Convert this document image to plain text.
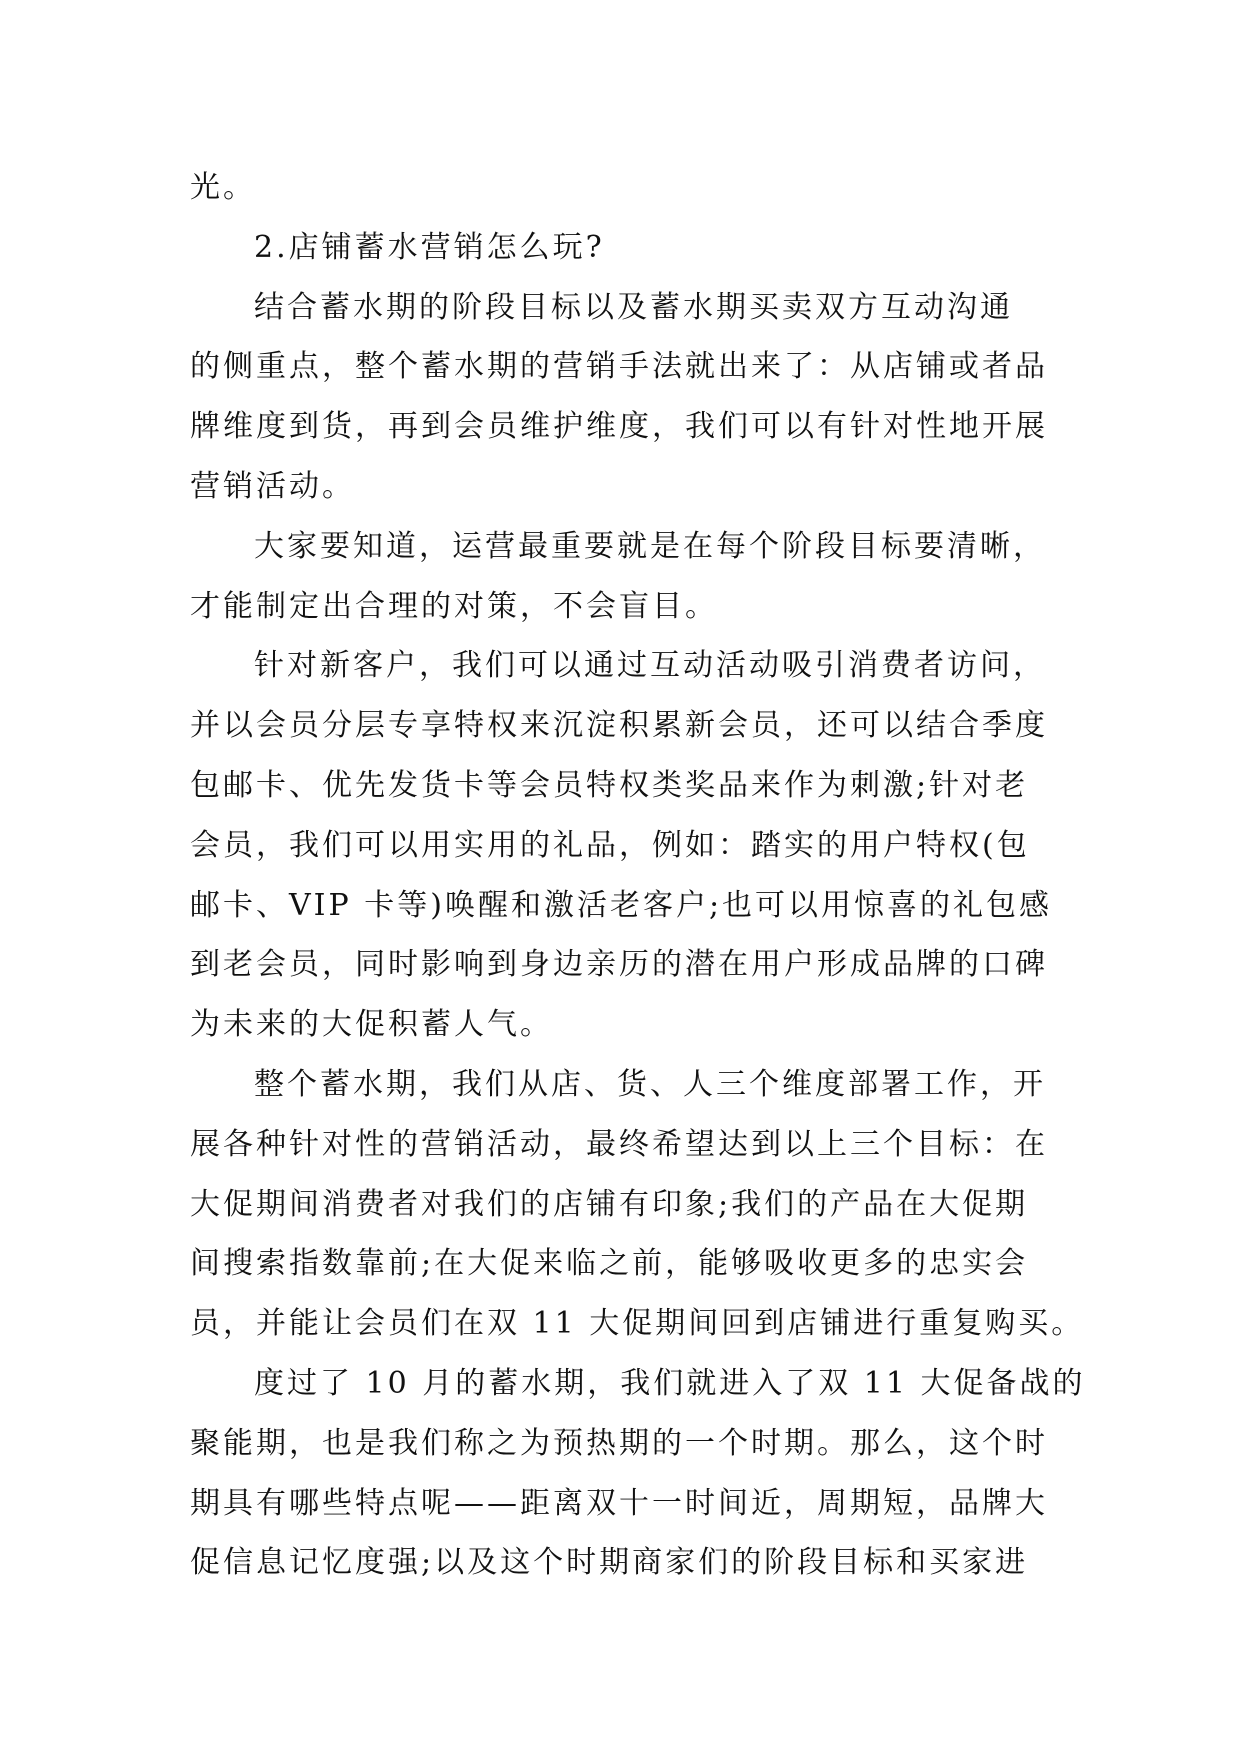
光。
2.店铺蓄水营销怎么玩?
结合蓄水期的阶段目标以及蓄水期买卖双方互动沟通
的侧重点，整个蓄水期的营销手法就出来了：从店铺或者品
牌维度到货，再到会员维护维度，我们可以有针对性地开展
营销活动。
大家要知道，运营最重要就是在每个阶段目标要清晰，
才能制定出合理的对策，不会盲目。
针对新客户，我们可以通过互动活动吸引消费者访问，
并以会员分层专享特权来沉淀积累新会员，还可以结合季度
包邮卡、优先发货卡等会员特权类奖品来作为刺激;针对老
会员，我们可以用实用的礼品，例如：踏实的用户特权(包
邮卡、VIP 卡等)唤醒和激活老客户;也可以用惊喜的礼包感
到老会员，同时影响到身边亲历的潜在用户形成品牌的口碑
为未来的大促积蓄人气。
整个蓄水期，我们从店、货、人三个维度部署工作，开
展各种针对性的营销活动，最终希望达到以上三个目标：在
大促期间消费者对我们的店铺有印象;我们的产品在大促期
间搜索指数靠前;在大促来临之前，能够吸收更多的忠实会
员，并能让会员们在双 11 大促期间回到店铺进行重复购买。
度过了 10 月的蓄水期，我们就进入了双 11 大促备战的
聚能期，也是我们称之为预热期的一个时期。那么，这个时
期具有哪些特点呢——距离双十一时间近，周期短，品牌大
促信息记忆度强;以及这个时期商家们的阶段目标和买家进
